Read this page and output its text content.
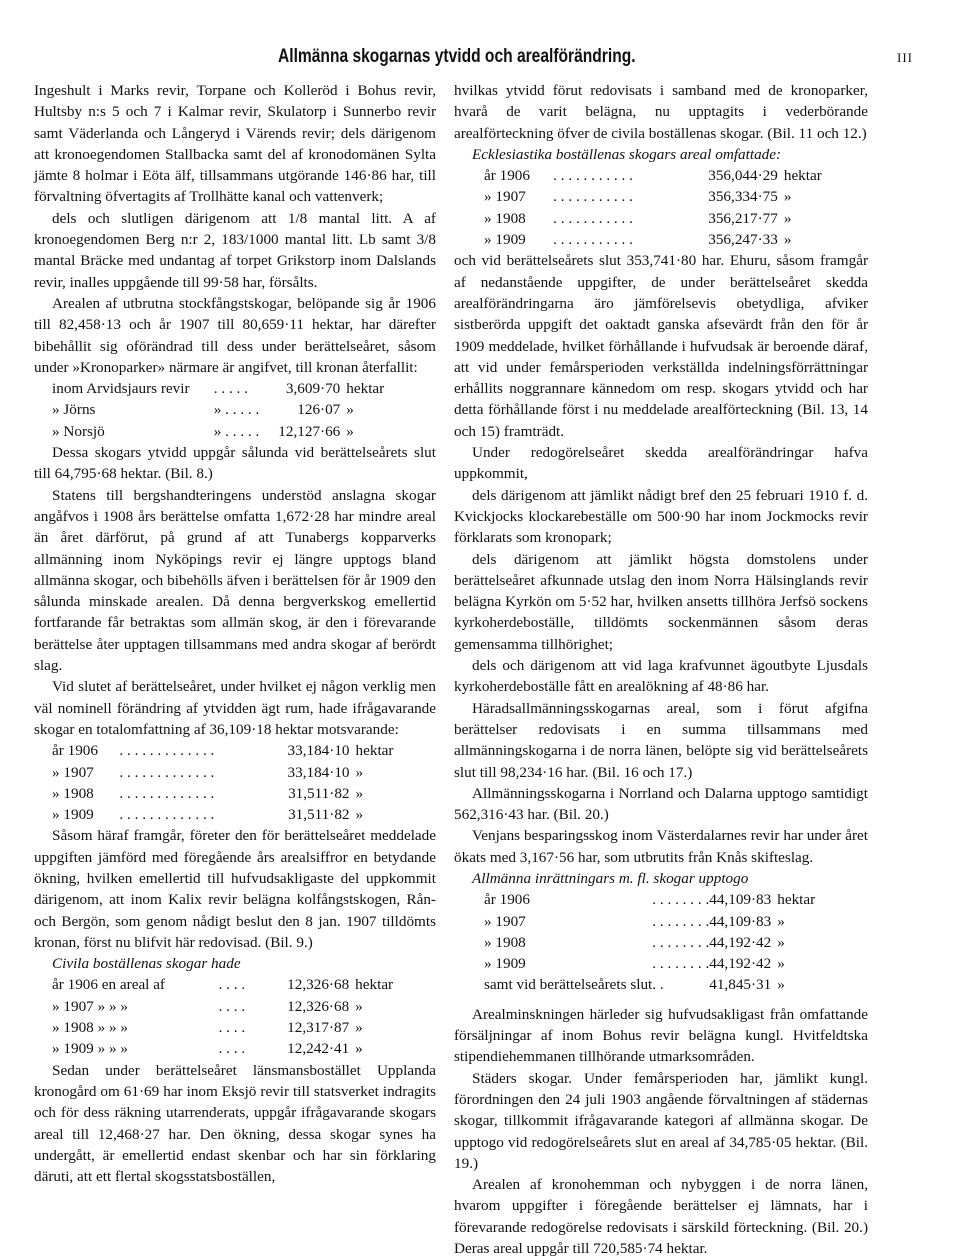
Allmänna skogarnas ytvidd och arealförändring.	III

Ingeshult i Marks revir, Torpane och Kolleröd i Bohus revir, Hultsby n:s 5 och 7 i Kalmar revir, Skulatorp i Sunnerbo revir samt Väderlanda och Långeryd i Värends revir; dels därigenom att kronoegendomen Stallbacka samt del af kronodomänen Sylta jämte 8 holmar i Eöta älf, tillsammans utgörande 146·86 har, till förvaltning öfvertagits af Trollhätte kanal och vattenverk;

dels och slutligen därigenom att 1/8 mantal litt. A af kronoegendomen Berg n:r 2, 183/1000 mantal litt. Lb samt 3/8 mantal Bräcke med undantag af torpet Grikstorp inom Dalslands revir, inalles uppgående till 99·58 har, försålts.

Arealen af utbrutna stockfångstskogar, belöpande sig år 1906 till 82,458·13 och år 1907 till 80,659·11 hektar, har därefter bibehållit sig oförändrad till dess under berättelseåret, såsom under »Kronoparker» närmare är angifvet, till kronan återfallit:

inom Arvidsjaurs revir	. . . . .	3,609·70	hektar
» Jörns	» . . . . .	126·07	»
» Norsjö	» . . . . .	12,127·66	»

Dessa skogars ytvidd uppgår sålunda vid berättelseårets slut till 64,795·68 hektar. (Bil. 8.)

Statens till bergshandteringens understöd anslagna skogar angåfvos i 1908 års berättelse omfatta 1,672·28 har mindre areal än året därförut, på grund af att Tunabergs kopparverks allmänning inom Nyköpings revir ej längre upptogs bland allmänna skogar, och bibehölls äfven i berättelsen för år 1909 den sålunda minskade arealen. Då denna bergverkskog emellertid fortfarande får betraktas som allmän skog, är den i förevarande berättelse åter upptagen tillsammans med andra skogar af berördt slag.

Vid slutet af berättelseåret, under hvilket ej någon verklig men väl nominell förändring af ytvidden ägt rum, hade ifrågavarande skogar en totalomfattning af 36,109·18 hektar motsvarande:

år 1906	. . . . . . . . . . . . .	33,184·10	hektar
» 1907	. . . . . . . . . . . . .	33,184·10	»
» 1908	. . . . . . . . . . . . .	31,511·82	»
» 1909	. . . . . . . . . . . . .	31,511·82	»

Såsom häraf framgår, företer den för berättelseåret meddelade uppgiften jämförd med föregående års arealsiffror en betydande ökning, hvilken emellertid till hufvudsakligaste del uppkommit därigenom, att inom Kalix revir belägna kolfångstskogen, Rån- och Bergön, som genom nådigt beslut den 8 jan. 1907 tilldömts kronan, först nu blifvit här redovisad. (Bil. 9.)

Civila boställenas skogar hade

år 1906 en areal af	. . . .	12,326·68	hektar
» 1907 » » »	. . . .	12,326·68	»
» 1908 » » »	. . . .	12,317·87	»
» 1909 » » »	. . . .	12,242·41	»

Sedan under berättelseåret länsmansbostället Upplanda kronogård om 61·69 har inom Eksjö revir till statsverket indragits och för dess räkning utarrenderats, uppgår ifrågavarande skogars areal till 12,468·27 har. Den ökning, dessa skogar synes ha undergått, är emellertid endast skenbar och har sin förklaring däruti, att ett flertal skogsstatsboställen,

hvilkas ytvidd förut redovisats i samband med de kronoparker, hvarå de varit belägna, nu upptagits i vederbörande arealförteckning öfver de civila boställenas skogar. (Bil. 11 och 12.)

Ecklesiastika boställenas skogars areal omfattade:

år 1906	. . . . . . . . . . .	356,044·29	hektar
» 1907	. . . . . . . . . . .	356,334·75	»
» 1908	. . . . . . . . . . .	356,217·77	»
» 1909	. . . . . . . . . . .	356,247·33	»

och vid berättelseårets slut 353,741·80 har. Ehuru, såsom framgår af nedanstående uppgifter, de under berättelseåret skedda arealförändringarna äro jämförelsevis obetydliga, afviker sistberörda uppgift det oaktadt ganska afsevärdt från den för år 1909 meddelade, hvilket förhållande i hufvudsak är beroende däraf, att vid under femårsperioden verkställda indelningsförrättningar erhållits noggrannare kännedom om resp. skogars ytvidd och har detta förhållande först i nu meddelade arealförteckning (Bil. 13, 14 och 15) framträdt.

Under redogörelseåret skedda arealförändringar hafva uppkommit,

dels därigenom att jämlikt nådigt bref den 25 februari 1910 f. d. Kvickjocks klockarebeställe om 500·90 har inom Jockmocks revir förklarats som kronopark;

dels därigenom att jämlikt högsta domstolens under berättelseåret afkunnade utslag den inom Norra Hälsinglands revir belägna Kyrkön om 5·52 har, hvilken ansetts tillhöra Jerfsö sockens kyrkoherdeboställe, tilldömts sockenmännen såsom deras gemensamma tillhörighet;

dels och därigenom att vid laga krafvunnet ägoutbyte Ljusdals kyrkoherdeboställe fått en arealökning af 48·86 har.

Häradsallmänningsskogarnas areal, som i förut afgifna berättelser redovisats i en summa tillsammans med allmänningskogarna i de norra länen, belöpte sig vid berättelseårets slut till 98,234·16 har. (Bil. 16 och 17.)

Allmänningsskogarna i Norrland och Dalarna upptogo samtidigt 562,316·43 har. (Bil. 20.)

Venjans besparingsskog inom Västerdalarnes revir har under året ökats med 3,167·56 har, som utbrutits från Knås skifteslag.

Allmänna inrättningars m. fl. skogar upptogo

år 1906	. . . . . . . .	44,109·83	hektar
» 1907	. . . . . . . .	44,109·83	»
» 1908	. . . . . . . .	44,192·42	»
» 1909	. . . . . . . .	44,192·42	»
samt vid berättelseårets slut	. .	41,845·31	»

Arealminskningen härleder sig hufvudsakligast från omfattande försäljningar af inom Bohus revir belägna kungl. Hvitfeldtska stipendiehemmanen tillhörande utmarksområden.

Städers skogar. Under femårsperioden har, jämlikt kungl. förordningen den 24 juli 1903 angående förvaltningen af städernas skogar, tillkommit ifrågavarande kategori af allmänna skogar. De upptogo vid redogörelseårets slut en areal af 34,785·05 hektar. (Bil. 19.)

Arealen af kronohemman och nybyggen i de norra länen, hvarom uppgifter i föregående berättelser ej lämnats, har i förevarande redogörelse redovisats i särskild förteckning. (Bil. 20.) Deras areal uppgår till 720,585·74 hektar.
